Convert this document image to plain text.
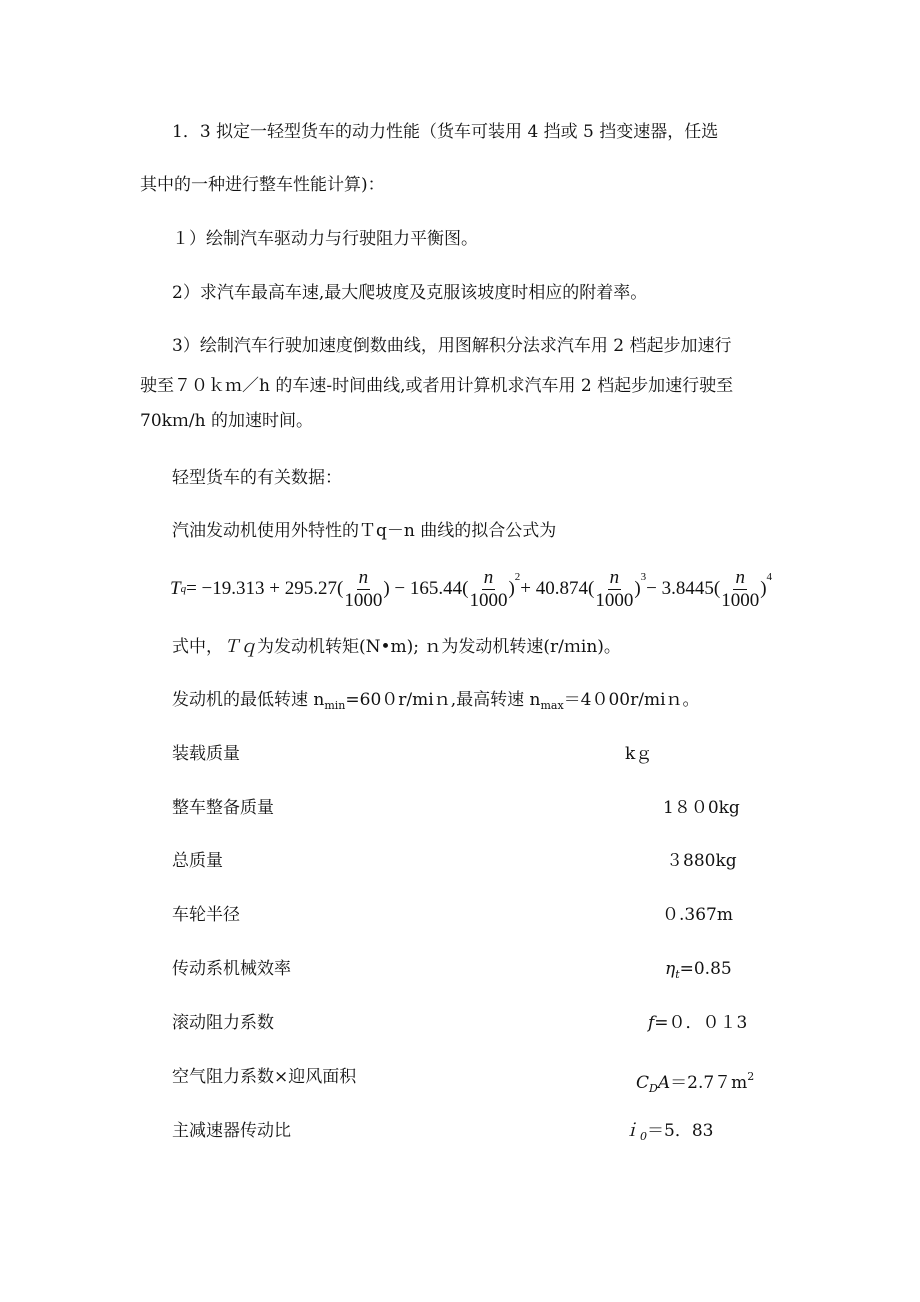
1．3 拟定一轻型货车的动力性能（货车可装用 4 挡或 5 挡变速器，任选
其中的一种进行整车性能计算)：
１）绘制汽车驱动力与行驶阻力平衡图。
2）求汽车最高车速,最大爬坡度及克服该坡度时相应的附着率。
3）绘制汽车行驶加速度倒数曲线，用图解积分法求汽车用 2 档起步加速行
驶至７０ｋｍ／h 的车速-时间曲线,或者用计算机求汽车用 2 档起步加速行驶至
70kｍ/h 的加速时间。
轻型货车的有关数据：
汽油发动机使用外特性的Ｔq－n 曲线的拟合公式为
T $q = -19.313 + 295.27( \frac{n}{1000}$ ) − $165.44( \frac{n}{1000}$ )
2
+ $40.874( \frac{n}{1000}$ )
3
− $3.8445( \frac{n}{1000}$ )
4
式中，Ｔｑ为发动机转矩(N•m); ｎ为发动机转速(r/ｍin)。
发动机的最低转速 $n_{min}=600r$/miｎ,最高转速 $n_{max}=4000r$/miｎ。
装载质量	kｇ
整车整备质量	1８０0kg
总质量	３880kg
车轮半径	０.367m
传动系机械效率	$\eta_t=0.85$
滚动阻力系数	f=０．０１3
空气阻力系数×迎风面积	$C_DA=2.77m^2$
主减速器传动比	ｉ$_0$＝5．83
